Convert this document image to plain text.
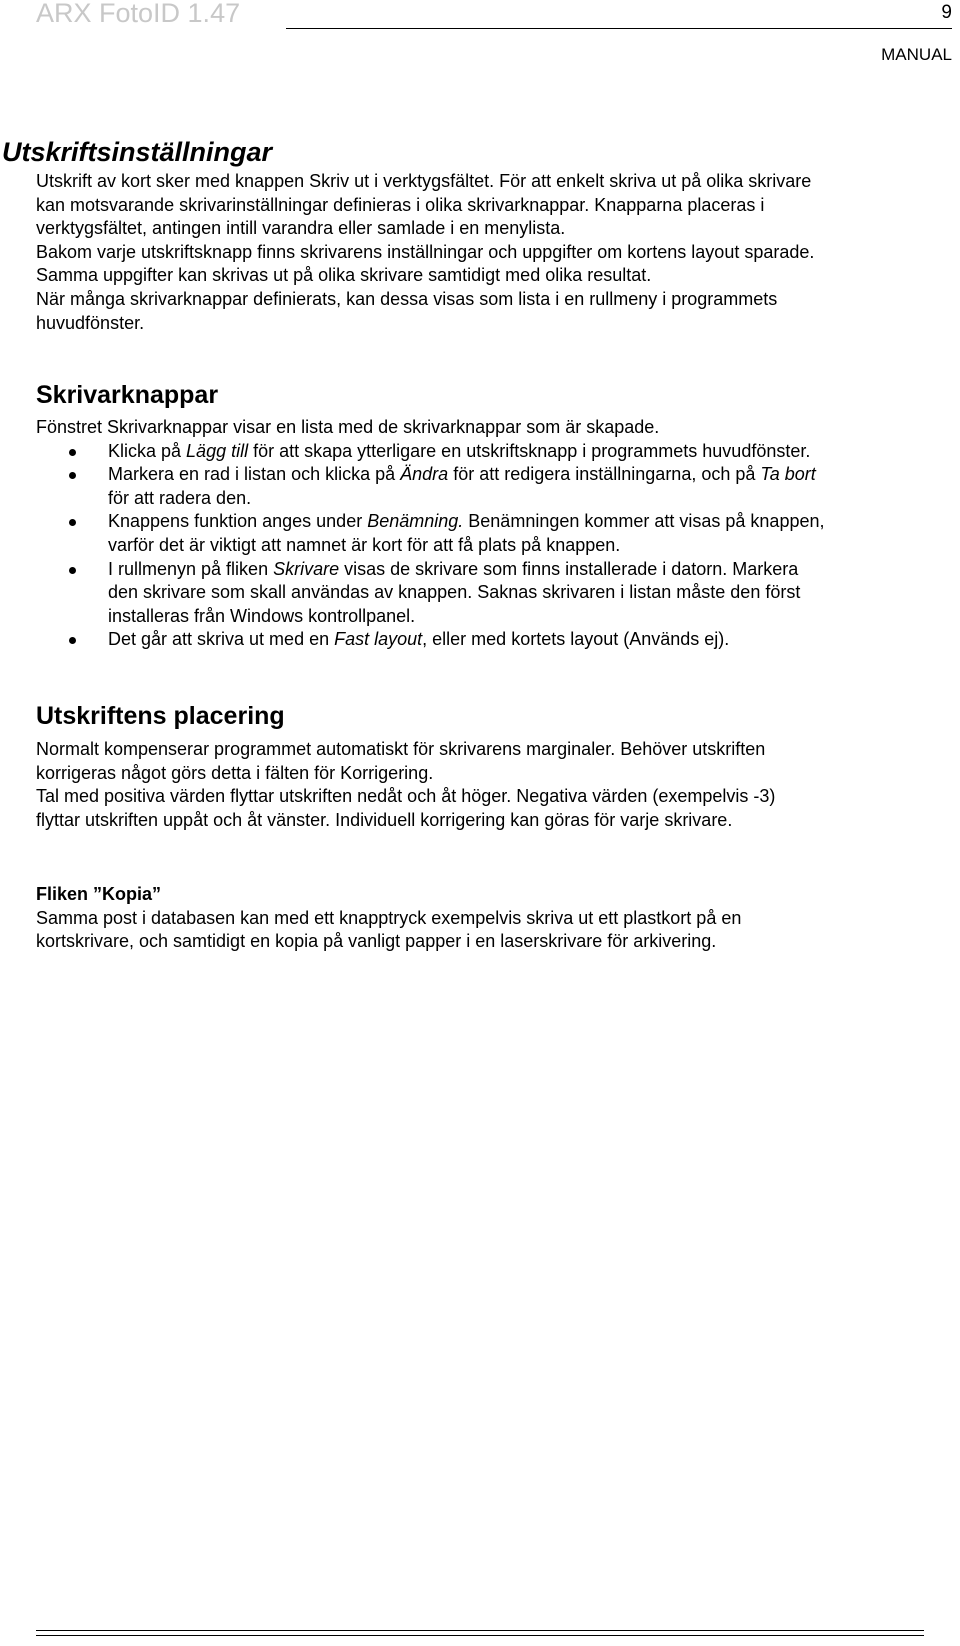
ARX FotoID 1.47	9
MANUAL
Utskriftsinställningar

Utskrift av kort sker med knappen Skriv ut i verktygsfältet. För att enkelt skriva ut på olika skrivare

kan motsvarande skrivarinställningar definieras i olika skrivarknappar. Knapparna placeras i

verktygsfältet, antingen intill varandra eller samlade i en menylista.

Bakom varje utskriftsknapp finns skrivarens inställningar och uppgifter om kortens layout sparade.

Samma uppgifter kan skrivas ut på olika skrivare samtidigt med olika resultat.

När många skrivarknappar definierats, kan dessa visas som lista i en rullmeny i programmets

huvudfönster.

Skrivarknappar

Fönstret Skrivarknappar visar en lista med de skrivarknappar som är skapade.

Klicka på Lägg till för att skapa ytterligare en utskriftsknapp i programmets huvudfönster.
Markera en rad i listan och klicka på Ändra för att redigera inställningarna, och på Ta bort
för att radera den.
Knappens funktion anges under Benämning. Benämningen kommer att visas på knappen,
varför det är viktigt att namnet är kort för att få plats på knappen.
I rullmenyn på fliken Skrivare visas de skrivare som finns installerade i datorn. Markera
den skrivare som skall användas av knappen. Saknas skrivaren i listan måste den först
installeras från Windows kontrollpanel.
Det går att skriva ut med en Fast layout, eller med kortets layout (Används ej).
Utskriftens placering

Normalt kompenserar programmet automatiskt för skrivarens marginaler. Behöver utskriften

korrigeras något görs detta i fälten för Korrigering.

Tal med positiva värden flyttar utskriften nedåt och åt höger. Negativa värden (exempelvis -3)

flyttar utskriften uppåt och åt vänster. Individuell korrigering kan göras för varje skrivare.

Fliken ”Kopia”

Samma post i databasen kan med ett knapptryck exempelvis skriva ut ett plastkort på en

kortskrivare, och samtidigt en kopia på vanligt papper i en laserskrivare för arkivering.
